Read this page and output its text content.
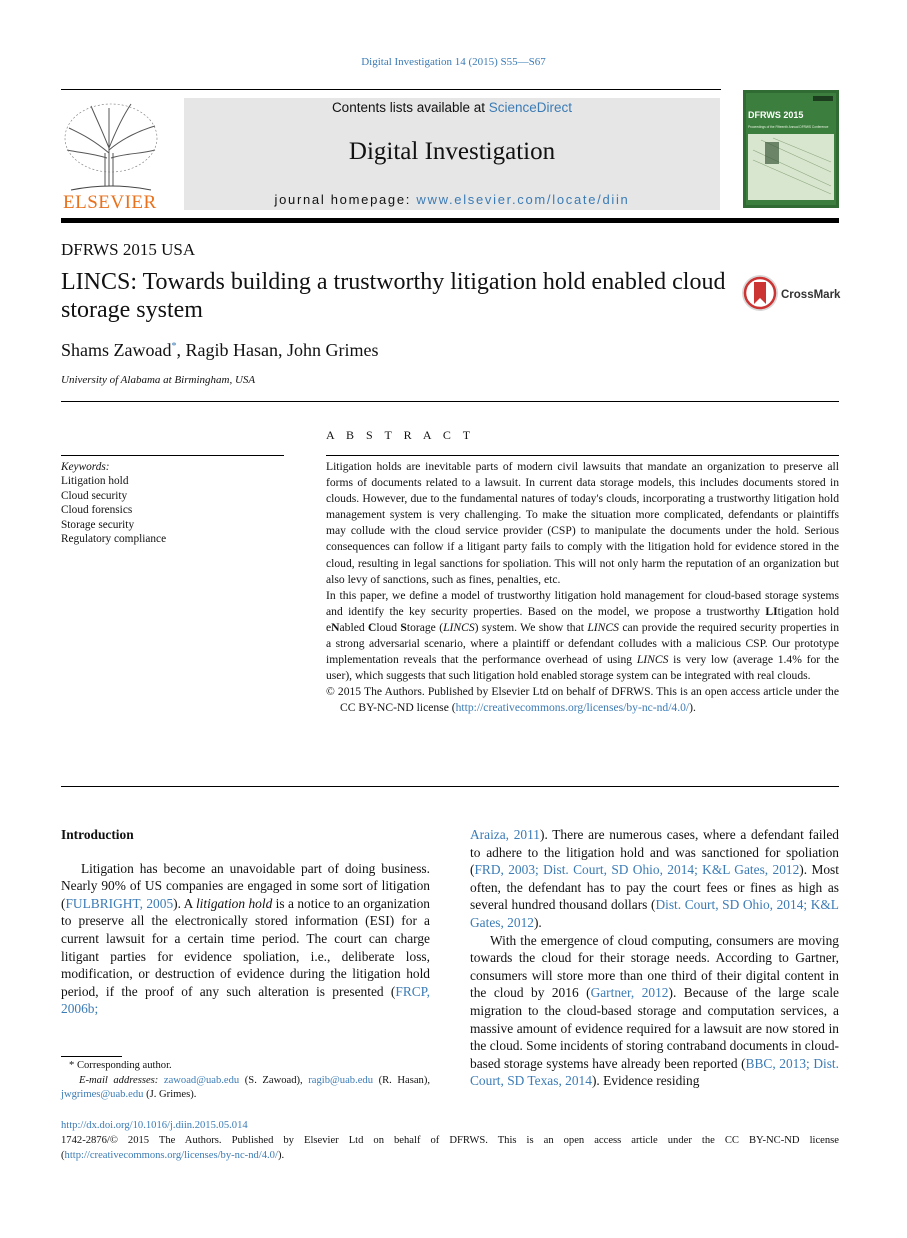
Digital Investigation 14 (2015) S55—S67
ELSEVIER
Contents lists available at ScienceDirect
Digital Investigation
journal homepage: www.elsevier.com/locate/diin
DFRWS 2015
Proceedings of the Fifteenth Annual DFRWS Conference
DFRWS 2015 USA
LINCS: Towards building a trustworthy litigation hold enabled cloud storage system
CrossMark
Shams Zawoad*, Ragib Hasan, John Grimes
University of Alabama at Birmingham, USA
A B S T R A C T
Keywords:
Litigation hold
Cloud security
Cloud forensics
Storage security
Regulatory compliance

Litigation holds are inevitable parts of modern civil lawsuits that mandate an organization to preserve all forms of documents related to a lawsuit. In current data storage models, this includes documents stored in clouds. However, due to the fundamental natures of today's clouds, incorporating a trustworthy litigation hold management system is very challenging. To make the situation more complicated, defendants or plaintiffs may collude with the cloud service provider (CSP) to manipulate the documents under the hold. Serious consequences can follow if a litigant party fails to comply with the litigation hold for evidence stored in the cloud, resulting in legal sanctions for spoliation. This will not only harm the reputation of an organization but also levy of sanctions, such as fines, penalties, etc.

In this paper, we define a model of trustworthy litigation hold management for cloud-based storage systems and identify the key security properties. Based on the model, we propose a trustworthy LItigation hold eNabled Cloud Storage (LINCS) system. We show that LINCS can provide the required security properties in a strong adversarial scenario, where a plaintiff or defendant colludes with a malicious CSP. Our prototype implementation reveals that the performance overhead of using LINCS is very low (average 1.4% for the user), which suggests that such litigation hold enabled storage system can be integrated with real clouds.

© 2015 The Authors. Published by Elsevier Ltd on behalf of DFRWS. This is an open access article under the CC BY-NC-ND license (http://creativecommons.org/licenses/by-nc-nd/4.0/).

Introduction

Litigation has become an unavoidable part of doing business. Nearly 90% of US companies are engaged in some sort of litigation (FULBRIGHT, 2005). A litigation hold is a notice to an organization to preserve all the electronically stored information (ESI) for a current lawsuit for a certain time period. The court can charge litigant parties for evidence spoliation, i.e., deliberate loss, modification, or destruction of evidence during the litigation hold period, if the proof of any such alteration is presented (FRCP, 2006b;

Araiza, 2011). There are numerous cases, where a defendant failed to adhere to the litigation hold and was sanctioned for spoliation (FRD, 2003; Dist. Court, SD Ohio, 2014; K&L Gates, 2012). Most often, the defendant has to pay the court fees or fines as high as several hundred thousand dollars (Dist. Court, SD Ohio, 2014; K&L Gates, 2012).

With the emergence of cloud computing, consumers are moving towards the cloud for their storage needs. According to Gartner, consumers will store more than one third of their digital content in the cloud by 2016 (Gartner, 2012). Because of the large scale migration to the cloud-based storage and computation services, a massive amount of evidence required for a lawsuit are now stored in the cloud. Some incidents of storing contraband documents in cloud-based storage systems have already been reported (BBC, 2013; Dist. Court, SD Texas, 2014). Evidence residing

* Corresponding author.
E-mail addresses: zawoad@uab.edu (S. Zawoad), ragib@uab.edu (R. Hasan), jwgrimes@uab.edu (J. Grimes).
http://dx.doi.org/10.1016/j.diin.2015.05.014
1742-2876/© 2015 The Authors. Published by Elsevier Ltd on behalf of DFRWS. This is an open access article under the CC BY-NC-ND license (http://creativecommons.org/licenses/by-nc-nd/4.0/).
